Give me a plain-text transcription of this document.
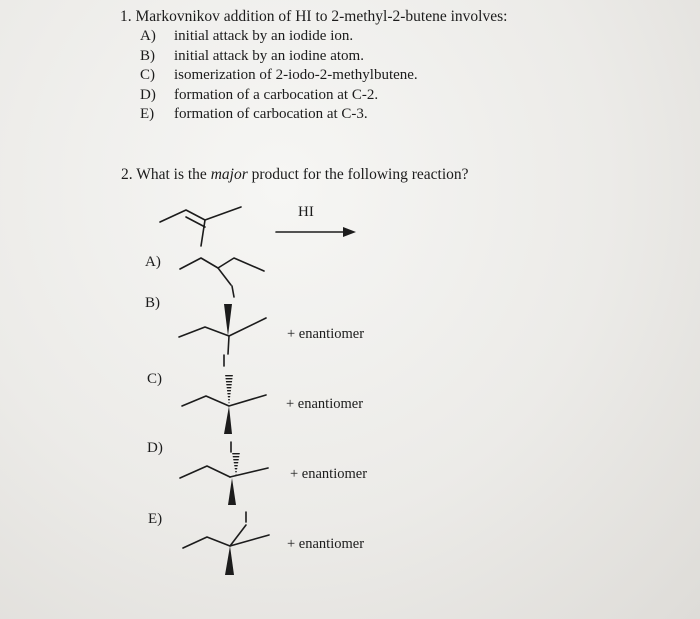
1. Markovnikov addition of HI to 2-methyl-2-butene involves:
A) initial attack by an iodide ion.
B) initial attack by an iodine atom.
C) isomerization of 2-iodo-2-methylbutene.
D) formation of a carbocation at C-2.
E) formation of carbocation at C-3.
2. What is the major product for the following reaction?
HI
A)
B)
C)
D)
E)
+ enantiomer
+ enantiomer
+ enantiomer
+ enantiomer
